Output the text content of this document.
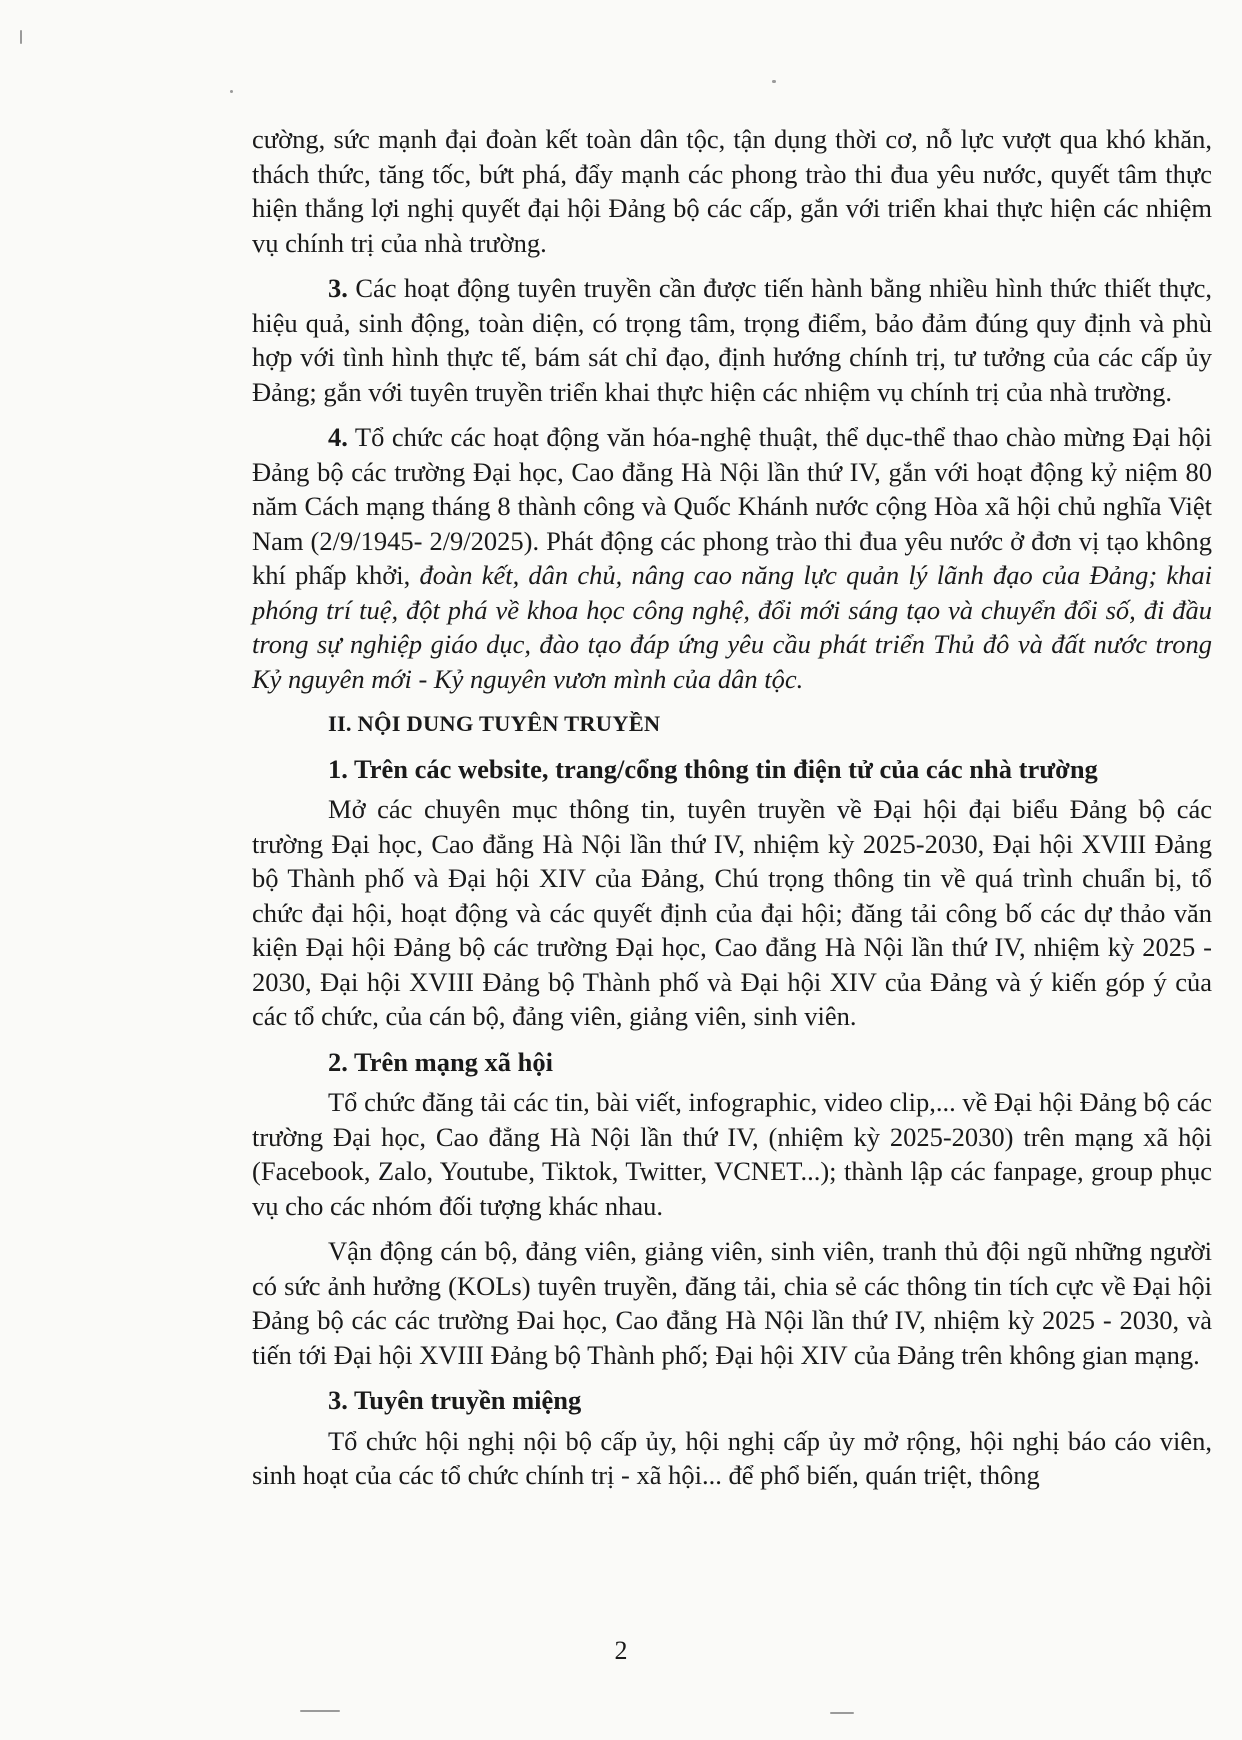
cường, sức mạnh đại đoàn kết toàn dân tộc, tận dụng thời cơ, nỗ lực vượt qua khó khăn, thách thức, tăng tốc, bứt phá, đẩy mạnh các phong trào thi đua yêu nước, quyết tâm thực hiện thắng lợi nghị quyết đại hội Đảng bộ các cấp, gắn với triển khai thực hiện các nhiệm vụ chính trị của nhà trường.

3. Các hoạt động tuyên truyền cần được tiến hành bằng nhiều hình thức thiết thực, hiệu quả, sinh động, toàn diện, có trọng tâm, trọng điểm, bảo đảm đúng quy định và phù hợp với tình hình thực tế, bám sát chỉ đạo, định hướng chính trị, tư tưởng của các cấp ủy Đảng; gắn với tuyên truyền triển khai thực hiện các nhiệm vụ chính trị của nhà trường.

4. Tổ chức các hoạt động văn hóa-nghệ thuật, thể dục-thể thao chào mừng Đại hội Đảng bộ các trường Đại học, Cao đẳng Hà Nội lần thứ IV, gắn với hoạt động kỷ niệm 80 năm Cách mạng tháng 8 thành công và Quốc Khánh nước cộng Hòa xã hội chủ nghĩa Việt Nam (2/9/1945- 2/9/2025). Phát động các phong trào thi đua yêu nước ở đơn vị tạo không khí phấp khởi, đoàn kết, dân chủ, nâng cao năng lực quản lý lãnh đạo của Đảng; khai phóng trí tuệ, đột phá về khoa học công nghệ, đổi mới sáng tạo và chuyển đổi số, đi đầu trong sự nghiệp giáo dục, đào tạo đáp ứng yêu cầu phát triển Thủ đô và đất nước trong Kỷ nguyên mới - Kỷ nguyên vươn mình của dân tộc.

II. NỘI DUNG TUYÊN TRUYỀN

1. Trên các website, trang/cổng thông tin điện tử của các nhà trường

Mở các chuyên mục thông tin, tuyên truyền về Đại hội đại biểu Đảng bộ các trường Đại học, Cao đẳng Hà Nội lần thứ IV, nhiệm kỳ 2025-2030, Đại hội XVIII Đảng bộ Thành phố và Đại hội XIV của Đảng, Chú trọng thông tin về quá trình chuẩn bị, tổ chức đại hội, hoạt động và các quyết định của đại hội; đăng tải công bố các dự thảo văn kiện Đại hội Đảng bộ các trường Đại học, Cao đẳng Hà Nội lần thứ IV, nhiệm kỳ 2025 - 2030, Đại hội XVIII Đảng bộ Thành phố và Đại hội XIV của Đảng và ý kiến góp ý của các tổ chức, của cán bộ, đảng viên, giảng viên, sinh viên.

2. Trên mạng xã hội

Tổ chức đăng tải các tin, bài viết, infographic, video clip,... về Đại hội Đảng bộ các trường Đại học, Cao đẳng Hà Nội lần thứ IV, (nhiệm kỳ 2025-2030) trên mạng xã hội (Facebook, Zalo, Youtube, Tiktok, Twitter, VCNET...); thành lập các fanpage, group phục vụ cho các nhóm đối tượng khác nhau.

Vận động cán bộ, đảng viên, giảng viên, sinh viên, tranh thủ đội ngũ những người có sức ảnh hưởng (KOLs) tuyên truyền, đăng tải, chia sẻ các thông tin tích cực về Đại hội Đảng bộ các các trường Đai học, Cao đẳng Hà Nội lần thứ IV, nhiệm kỳ 2025 - 2030, và tiến tới Đại hội XVIII Đảng bộ Thành phố; Đại hội XIV của Đảng trên không gian mạng.

3. Tuyên truyền miệng

Tổ chức hội nghị nội bộ cấp ủy, hội nghị cấp ủy mở rộng, hội nghị báo cáo viên, sinh hoạt của các tổ chức chính trị - xã hội... để phổ biến, quán triệt, thông

2
